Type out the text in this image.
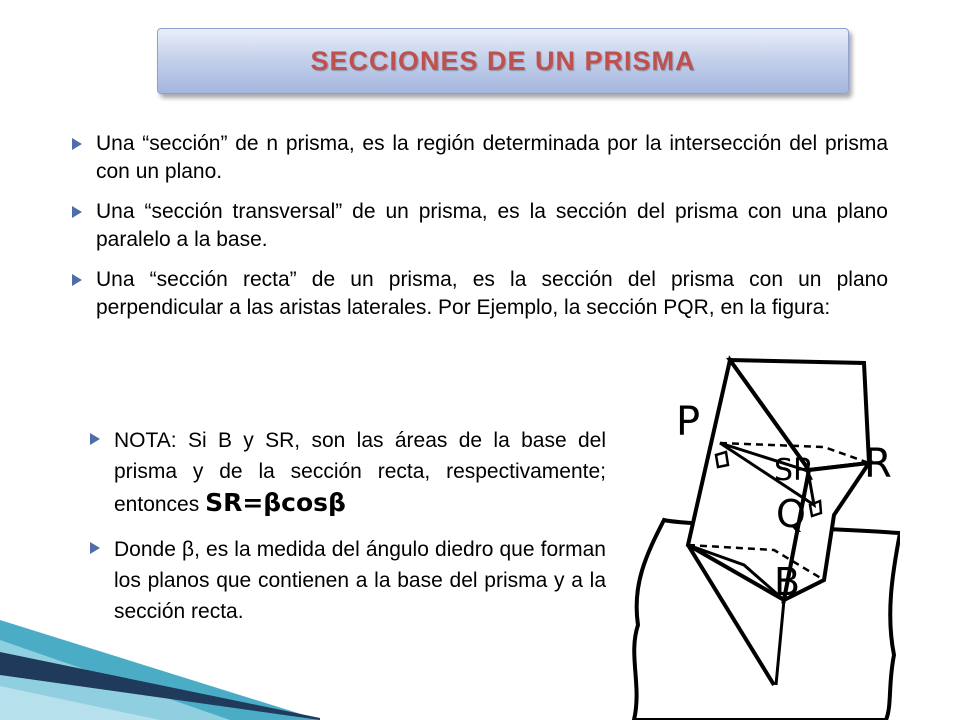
SECCIONES DE UN PRISMA
Una “sección” de n prisma, es la región determinada por la intersección del prisma con un plano.
Una “sección transversal” de un prisma, es la sección del prisma con una plano paralelo a la base.
Una “sección recta” de un prisma, es la sección del prisma con un plano perpendicular a las aristas laterales. Por Ejemplo, la sección PQR, en la figura:
NOTA: Si B y SR, son las áreas de la base del prisma y de la sección recta, respectivamente; entonces SR=βcosβ
Donde β, es la medida del ángulo diedro que forman los planos que contienen a la base del prisma y a la sección recta.
P
R
SR
Q
B
